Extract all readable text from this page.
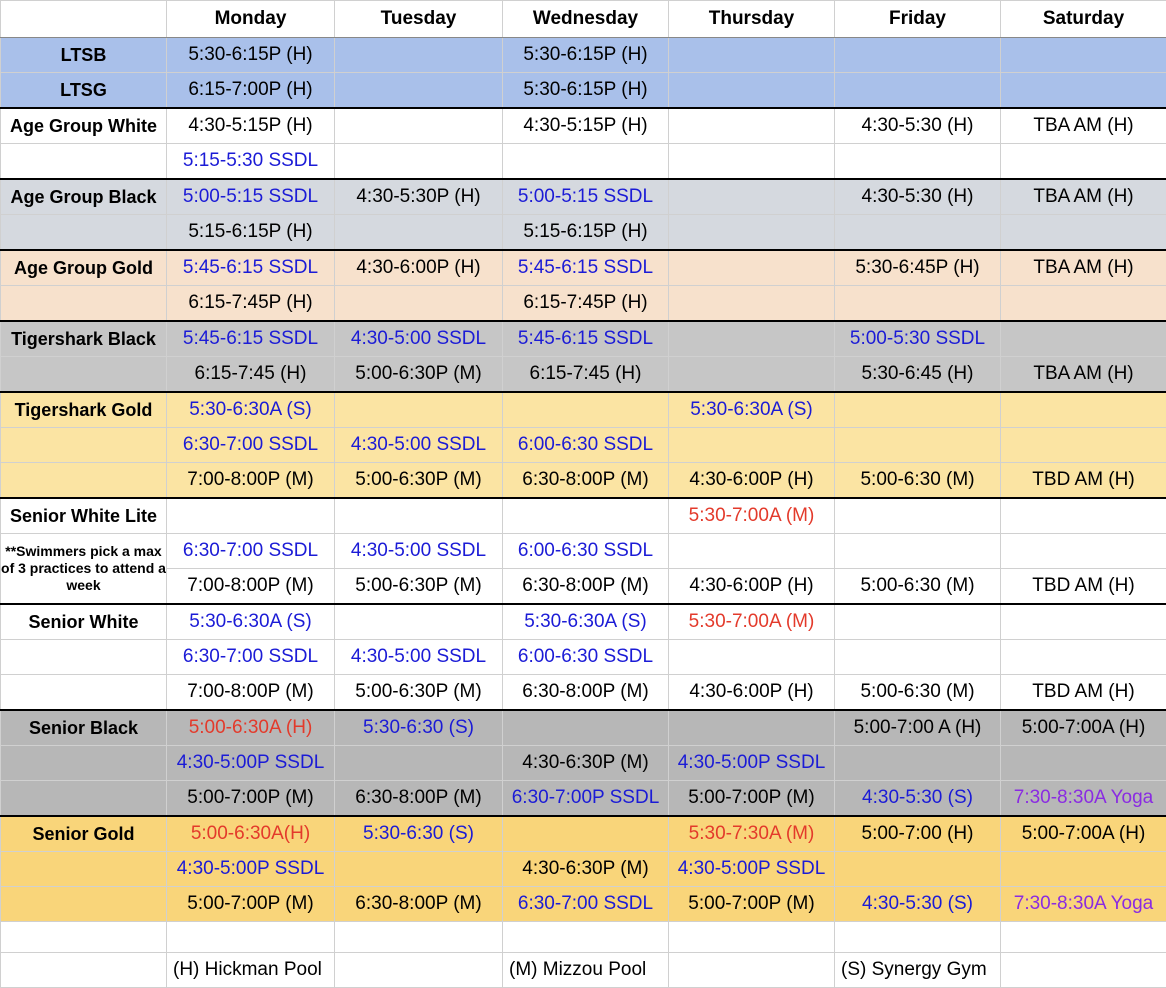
	Monday	Tuesday	Wednesday	Thursday	Friday	Saturday
LTSB	5:30-6:15P (H)		5:30-6:15P (H)			
LTSG	6:15-7:00P (H)		5:30-6:15P (H)			
Age Group White	4:30-5:15P (H)		4:30-5:15P (H)		4:30-5:30 (H)	TBA AM (H)
	5:15-5:30 SSDL					
Age Group Black	5:00-5:15 SSDL	4:30-5:30P (H)	5:00-5:15 SSDL		4:30-5:30 (H)	TBA AM (H)
	5:15-6:15P (H)		5:15-6:15P (H)			
Age Group Gold	5:45-6:15 SSDL	4:30-6:00P (H)	5:45-6:15 SSDL		5:30-6:45P (H)	TBA AM (H)
	6:15-7:45P (H)		6:15-7:45P (H)			
Tigershark Black	5:45-6:15 SSDL	4:30-5:00 SSDL	5:45-6:15 SSDL		5:00-5:30 SSDL	
	6:15-7:45 (H)	5:00-6:30P (M)	6:15-7:45 (H)		5:30-6:45 (H)	TBA AM (H)
Tigershark Gold	5:30-6:30A (S)			5:30-6:30A (S)		
	6:30-7:00 SSDL	4:30-5:00 SSDL	6:00-6:30 SSDL			
	7:00-8:00P (M)	5:00-6:30P (M)	6:30-8:00P (M)	4:30-6:00P (H)	5:00-6:30 (M)	TBD AM (H)
Senior White Lite				5:30-7:00A (M)		
**Swimmers pick a max of 3 practices to attend a week	6:30-7:00 SSDL	4:30-5:00 SSDL	6:00-6:30 SSDL			
	7:00-8:00P (M)	5:00-6:30P (M)	6:30-8:00P (M)	4:30-6:00P (H)	5:00-6:30 (M)	TBD AM (H)
Senior White	5:30-6:30A (S)		5:30-6:30A (S)	5:30-7:00A (M)		
	6:30-7:00 SSDL	4:30-5:00 SSDL	6:00-6:30 SSDL			
	7:00-8:00P (M)	5:00-6:30P (M)	6:30-8:00P (M)	4:30-6:00P (H)	5:00-6:30 (M)	TBD AM (H)
Senior Black	5:00-6:30A (H)	5:30-6:30 (S)			5:00-7:00 A (H)	5:00-7:00A (H)
	4:30-5:00P SSDL		4:30-6:30P (M)	4:30-5:00P SSDL		
	5:00-7:00P (M)	6:30-8:00P (M)	6:30-7:00P SSDL	5:00-7:00P (M)	4:30-5:30 (S)	7:30-8:30A Yoga
Senior Gold	5:00-6:30A(H)	5:30-6:30 (S)		5:30-7:30A (M)	5:00-7:00 (H)	5:00-7:00A (H)
	4:30-5:00P SSDL		4:30-6:30P (M)	4:30-5:00P SSDL		
	5:00-7:00P (M)	6:30-8:00P (M)	6:30-7:00 SSDL	5:00-7:00P (M)	4:30-5:30 (S)	7:30-8:30A Yoga

	(H) Hickman Pool		(M) Mizzou Pool		(S) Synergy Gym	
